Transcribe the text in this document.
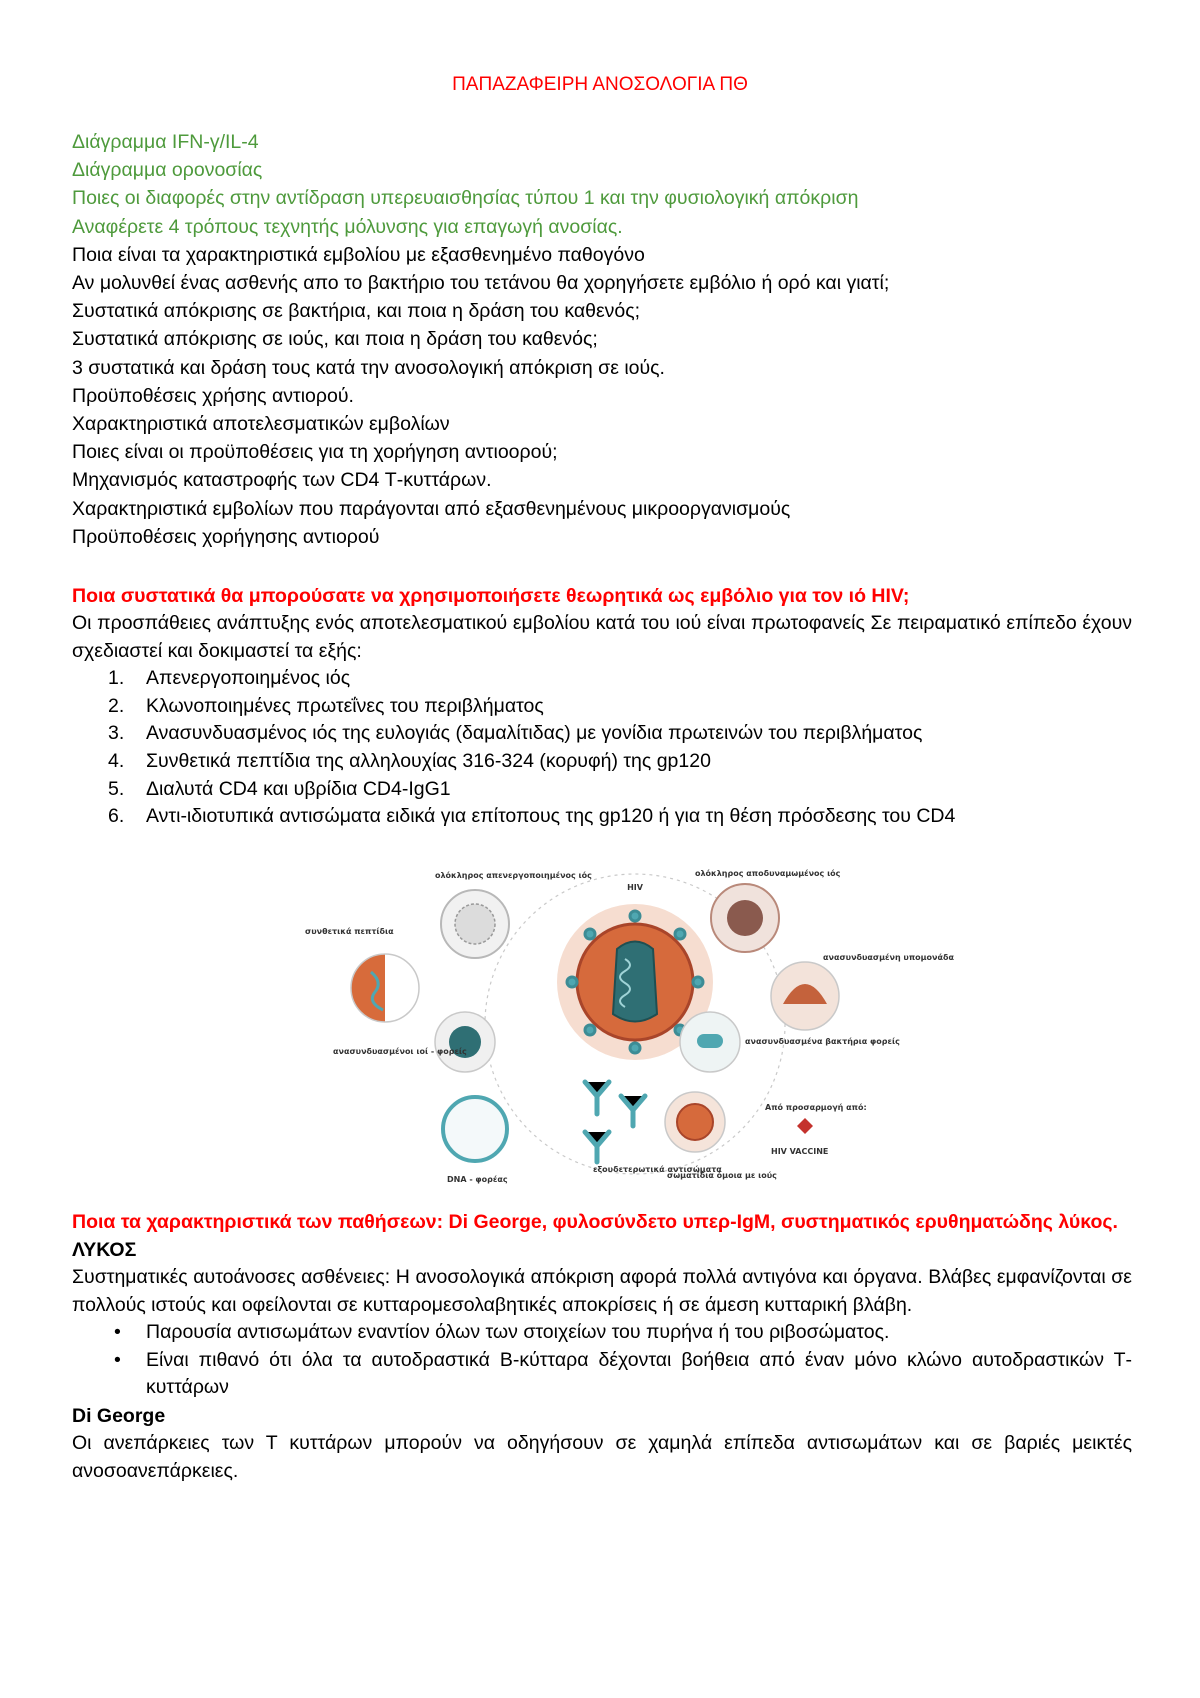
ΠΑΠΑΖΑΦΕΙΡΗ ΑΝΟΣΟΛΟΓΙΑ ΠΘ
Διάγραμμα IFN-γ/IL-4
Διάγραμμα ορονοσίας
Ποιες οι διαφορές στην αντίδραση υπερευαισθησίας τύπου 1 και την φυσιολογική απόκριση
Αναφέρετε 4 τρόπους τεχνητής μόλυνσης για επαγωγή ανοσίας.
Ποια είναι τα χαρακτηριστικά εμβολίου με εξασθενημένο παθογόνο
Αν μολυνθεί ένας ασθενής απο το βακτήριο του τετάνου θα χορηγήσετε εμβόλιο ή ορό και γιατί;
Συστατικά απόκρισης σε βακτήρια, και ποια η δράση του καθενός;
Συστατικά απόκρισης σε ιούς, και ποια η δράση του καθενός;
3 συστατικά και δράση τους κατά την ανοσολογική απόκριση σε ιούς.
Προϋποθέσεις χρήσης αντιορού.
Χαρακτηριστικά αποτελεσματικών εμβολίων
Ποιες είναι οι προϋποθέσεις για τη χορήγηση αντιοορού;
Μηχανισμός καταστροφής των CD4 Τ-κυττάρων.
Χαρακτηριστικά εμβολίων που παράγονται από εξασθενημένους μικροοργανισμούς
Προϋποθέσεις χορήγησης αντιορού
Ποια συστατικά θα μπορούσατε να χρησιμοποιήσετε θεωρητικά ως εμβόλιο για τον ιό HIV;
Οι προσπάθειες ανάπτυξης ενός αποτελεσματικού εμβολίου κατά του ιού είναι πρωτοφανείς Σε πειραματικό επίπεδο έχουν σχεδιαστεί και δοκιμαστεί τα εξής:
1. Απενεργοποιημένος ιός
2. Κλωνοποιημένες πρωτεΐνες του περιβλήματος
3. Ανασυνδυασμένος ιός της ευλογιάς (δαμαλίτιδας) με γονίδια πρωτεινών του περιβλήματος
4. Συνθετικά πεπτίδια της αλληλουχίας 316-324 (κορυφή) της gp120
5. Διαλυτά CD4 και υβρίδια CD4-IgG1
6. Αντι-ιδιοτυπικά αντισώματα ειδικά για επίτοπους της gp120 ή για τη θέση πρόσδεσης του CD4
HIV
ολόκληρος απενεργοποιημένος ιός	ολόκληρος αποδυναμωμένος ιός
συνθετικά πεπτίδια
ανασυνδυασμένη υπομονάδα
ανασυνδυασμένοι ιοί - φορείς
ανασυνδυασμένα βακτήρια φορείς
DNA - φορέας
εξουδετερωτικά αντισώματα
σωματίδια όμοια με ιούς
Από προσαρμογή από:
HIV VACCINE
Ποια τα χαρακτηριστικά των παθήσεων: Di George, φυλοσύνδετο υπερ-IgM, συστηματικός ερυθηματώδης λύκος.
ΛΥΚΟΣ
Συστηματικές αυτοάνοσες ασθένειες: Η ανοσολογικά απόκριση αφορά πολλά αντιγόνα και όργανα. Βλάβες εμφανίζονται σε πολλούς ιστούς και οφείλονται σε κυτταρομεσολαβητικές αποκρίσεις ή σε άμεση κυτταρική βλάβη.
• Παρουσία αντισωμάτων εναντίον όλων των στοιχείων του πυρήνα ή του ριβοσώματος.
• Είναι πιθανό ότι όλα τα αυτοδραστικά Β-κύτταρα δέχονται βοήθεια από έναν μόνο κλώνο αυτοδραστικών Τ-κυττάρων
Di George
Οι ανεπάρκειες των Τ κυττάρων μπορούν να οδηγήσουν σε χαμηλά επίπεδα αντισωμάτων και σε βαριές μεικτές ανοσοανεπάρκειες.
